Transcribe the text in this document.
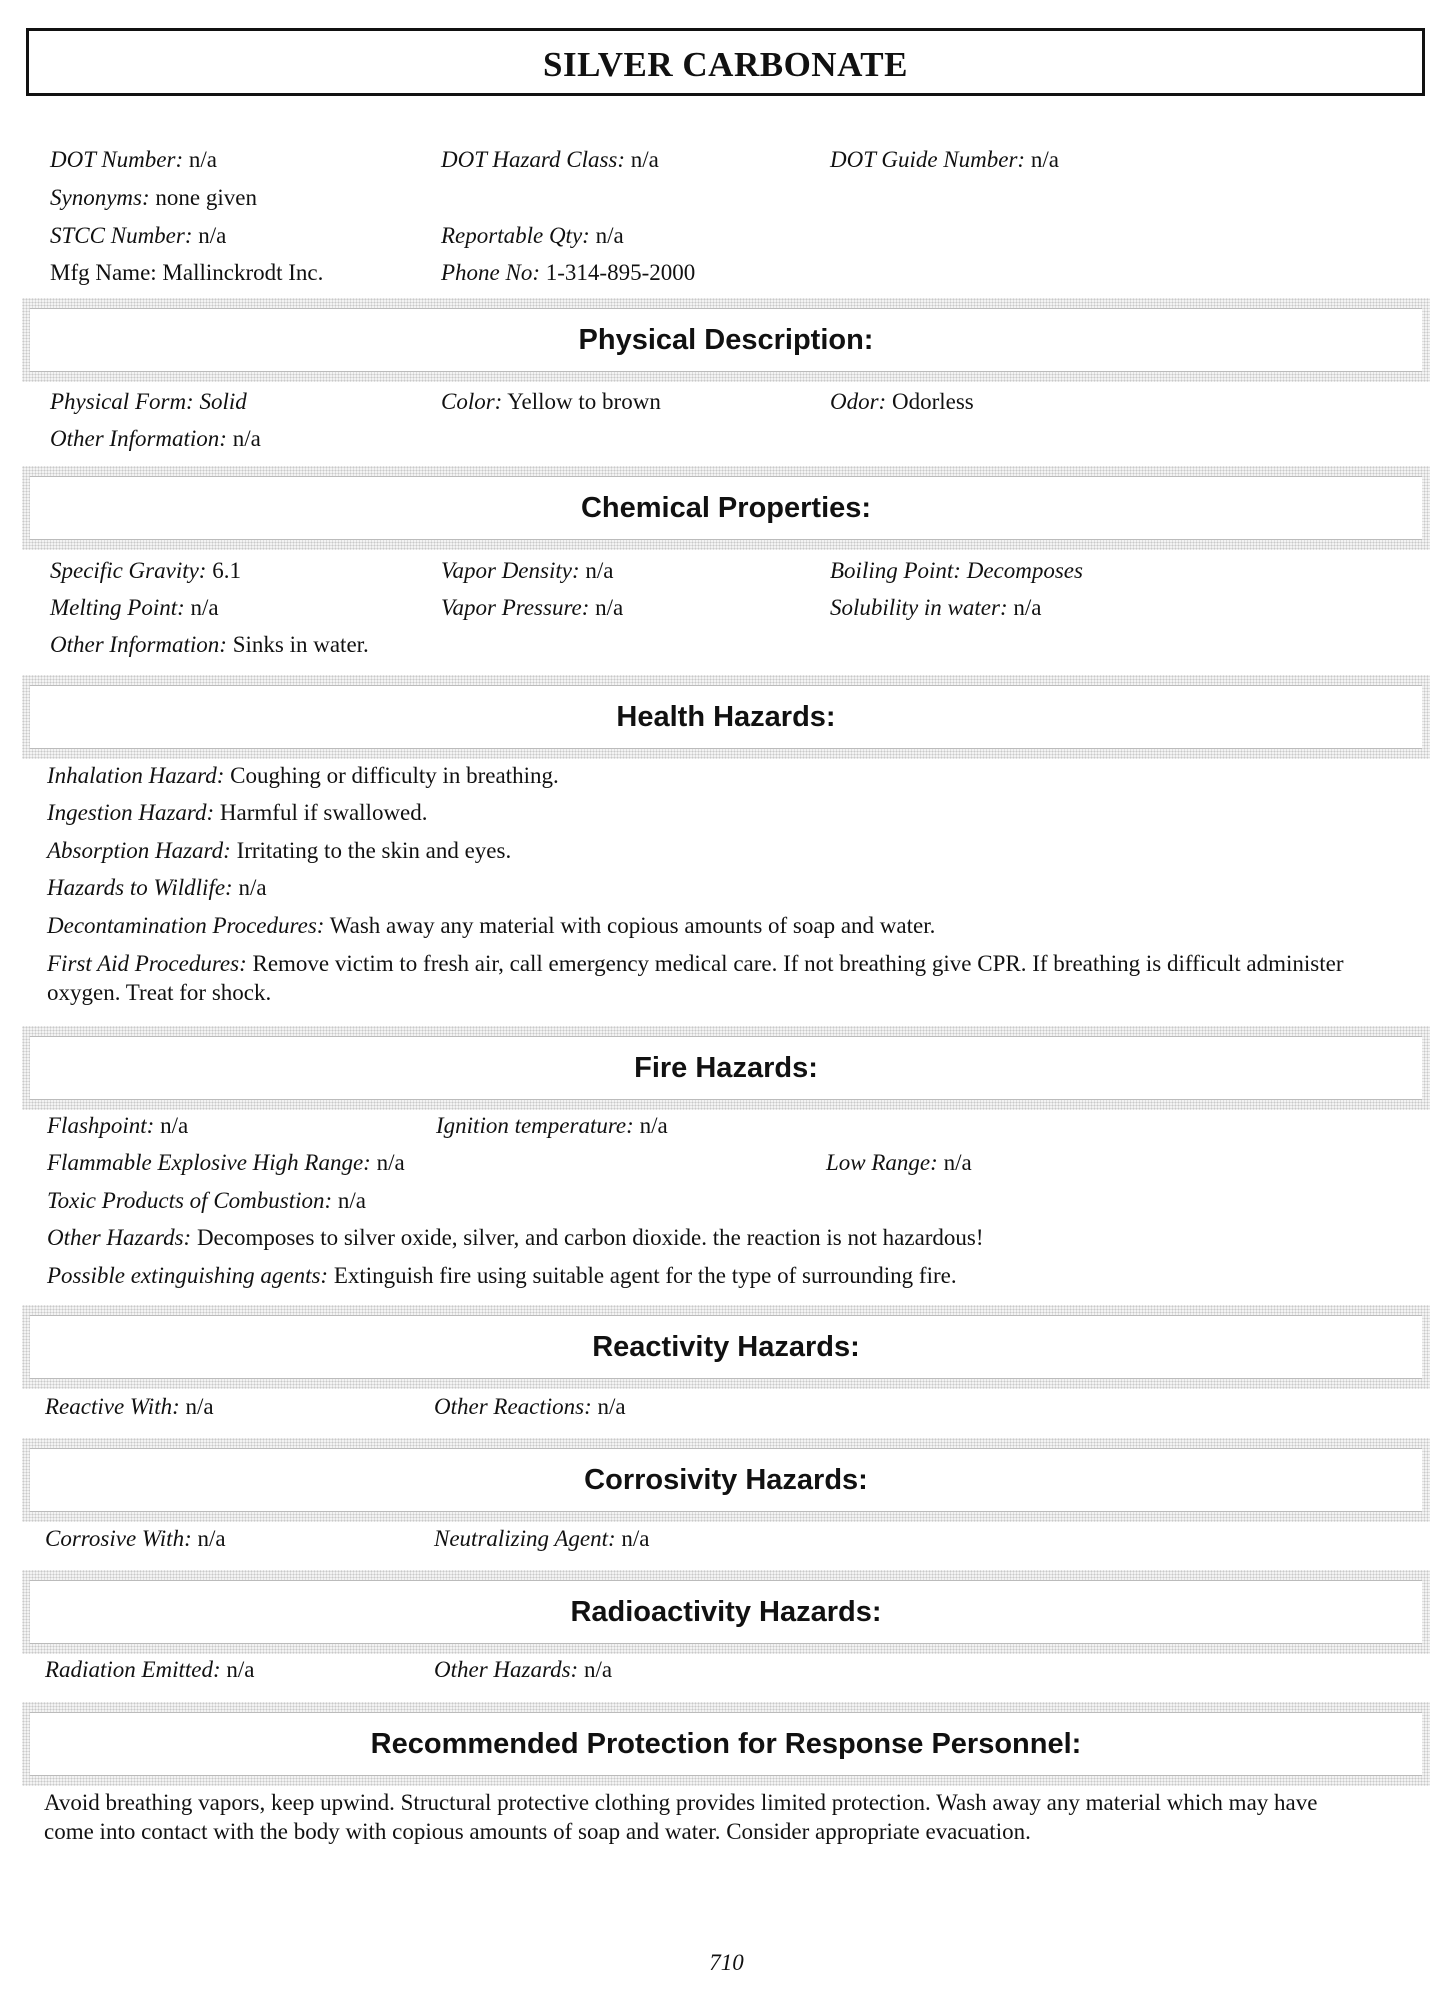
SILVER CARBONATE
DOT Number: n/a	DOT Hazard Class: n/a	DOT Guide Number: n/a
Synonyms: none given
STCC Number: n/a	Reportable Qty: n/a
Mfg Name: Mallinckrodt Inc.	Phone No: 1-314-895-2000
Physical Description:
Physical Form: Solid	Color: Yellow to brown	Odor: Odorless
Other Information: n/a
Chemical Properties:
Specific Gravity: 6.1	Vapor Density: n/a	Boiling Point: Decomposes
Melting Point: n/a	Vapor Pressure: n/a	Solubility in water: n/a
Other Information: Sinks in water.
Health Hazards:
Inhalation Hazard: Coughing or difficulty in breathing.
Ingestion Hazard: Harmful if swallowed.
Absorption Hazard: Irritating to the skin and eyes.
Hazards to Wildlife: n/a
Decontamination Procedures: Wash away any material with copious amounts of soap and water.
First Aid Procedures: Remove victim to fresh air, call emergency medical care. If not breathing give CPR. If breathing is difficult administer oxygen. Treat for shock.
Fire Hazards:
Flashpoint: n/a	Ignition temperature: n/a
Flammable Explosive High Range: n/a	Low Range: n/a
Toxic Products of Combustion: n/a
Other Hazards: Decomposes to silver oxide, silver, and carbon dioxide. the reaction is not hazardous!
Possible extinguishing agents: Extinguish fire using suitable agent for the type of surrounding fire.
Reactivity Hazards:
Reactive With: n/a	Other Reactions: n/a
Corrosivity Hazards:
Corrosive With: n/a	Neutralizing Agent: n/a
Radioactivity Hazards:
Radiation Emitted: n/a	Other Hazards: n/a
Recommended Protection for Response Personnel:
Avoid breathing vapors, keep upwind. Structural protective clothing provides limited protection. Wash away any material which may have come into contact with the body with copious amounts of soap and water. Consider appropriate evacuation.
710
